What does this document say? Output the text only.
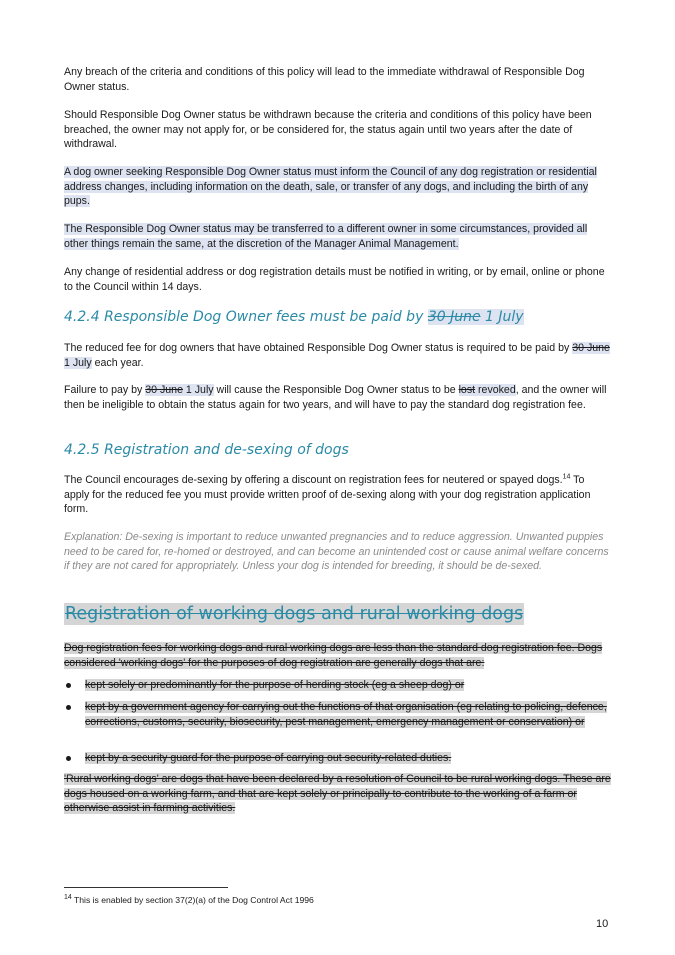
Any breach of the criteria and conditions of this policy will lead to the immediate withdrawal of Responsible Dog Owner status.

Should Responsible Dog Owner status be withdrawn because the criteria and conditions of this policy have been breached, the owner may not apply for, or be considered for, the status again until two years after the date of withdrawal.

A dog owner seeking Responsible Dog Owner status must inform the Council of any dog registration or residential address changes, including information on the death, sale, or transfer of any dogs, and including the birth of any pups.

The Responsible Dog Owner status may be transferred to a different owner in some circumstances, provided all other things remain the same, at the discretion of the Manager Animal Management.

Any change of residential address or dog registration details must be notified in writing, or by email, online or phone to the Council within 14 days.

4.2.4 Responsible Dog Owner fees must be paid by 30 June 1 July

The reduced fee for dog owners that have obtained Responsible Dog Owner status is required to be paid by 30 June 1 July each year.

Failure to pay by 30 June 1 July will cause the Responsible Dog Owner status to be lost revoked, and the owner will then be ineligible to obtain the status again for two years, and will have to pay the standard dog registration fee.

4.2.5 Registration and de-sexing of dogs

The Council encourages de-sexing by offering a discount on registration fees for neutered or spayed dogs.$^{14}$ To apply for the reduced fee you must provide written proof of de-sexing along with your dog registration application form.

Explanation: De-sexing is important to reduce unwanted pregnancies and to reduce aggression. Unwanted puppies need to be cared for, re-homed or destroyed, and can become an unintended cost or cause animal welfare concerns if they are not cared for appropriately. Unless your dog is intended for breeding, it should be de-sexed.

Registration of working dogs and rural working dogs

Dog registration fees for working dogs and rural working dogs are less than the standard dog registration fee. Dogs considered 'working dogs' for the purposes of dog registration are generally dogs that are:

kept solely or predominantly for the purpose of herding stock (eg a sheep dog) or
kept by a government agency for carrying out the functions of that organisation (eg relating to policing, defence, corrections, customs, security, biosecurity, pest management, emergency management or conservation) or
kept by a security guard for the purpose of carrying out security-related duties.

'Rural working dogs' are dogs that have been declared by a resolution of Council to be rural working dogs. These are dogs housed on a working farm, and that are kept solely or principally to contribute to the working of a farm or otherwise assist in farming activities.

$^{14}$ This is enabled by section 37(2)(a) of the Dog Control Act 1996

10
